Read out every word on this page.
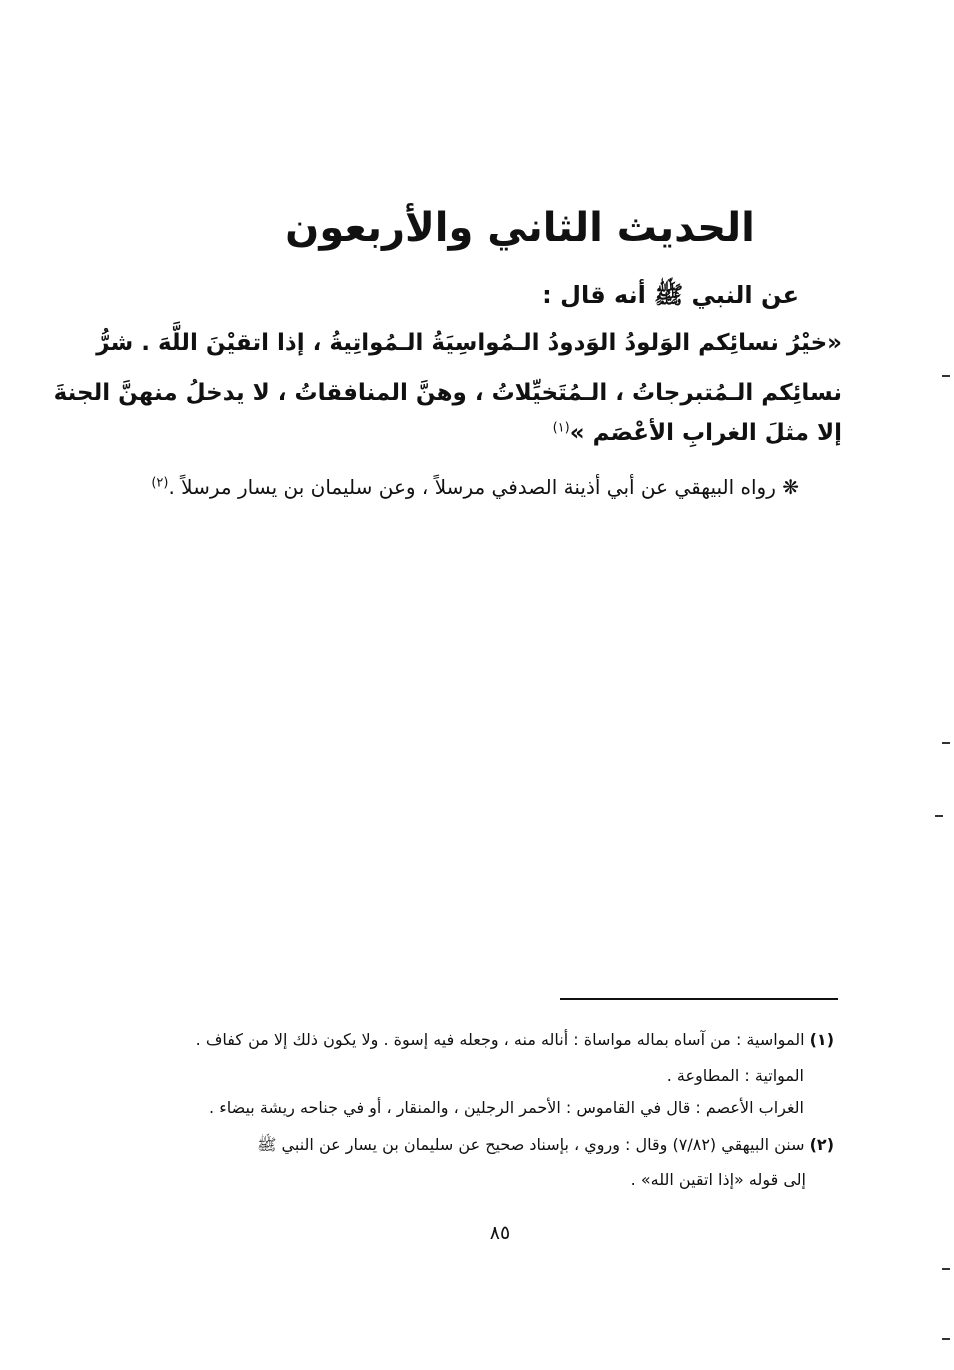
الحديث الثاني والأربعون
عن النبي ﷺ أنه قال :
«خيْرُ نسائِكم الوَلودُ الوَدودُ الـمُواسِيَةُ الـمُواتِيةُ ، إذا اتقيْنَ اللَّهَ . شرُّ
نسائِكم الـمُتبرجاتُ ، الـمُتَخيِّلاتُ ، وهنَّ المنافقاتُ ، لا يدخلُ منهنَّ الجنةَ
إلا مثلَ الغرابِ الأعْصَم »$^{(١)}$
❋ رواه البيهقي عن أبي أذينة الصدفي مرسلاً ، وعن سليمان بن يسار مرسلاً .$^{(٢)}$
(١) المواسية : من آساه بماله مواساة : أناله منه ، وجعله فيه إسوة . ولا يكون ذلك إلا من كفاف .
المواتية : المطاوعة .
الغراب الأعصم : قال في القاموس : الأحمر الرجلين ، والمنقار ، أو في جناحه ريشة بيضاء .
(٢) سنن البيهقي (٧/٨٢) وقال : وروي ، بإسناد صحيح عن سليمان بن يسار عن النبي ﷺ
إلى قوله «إذا اتقين الله» .
٨٥
